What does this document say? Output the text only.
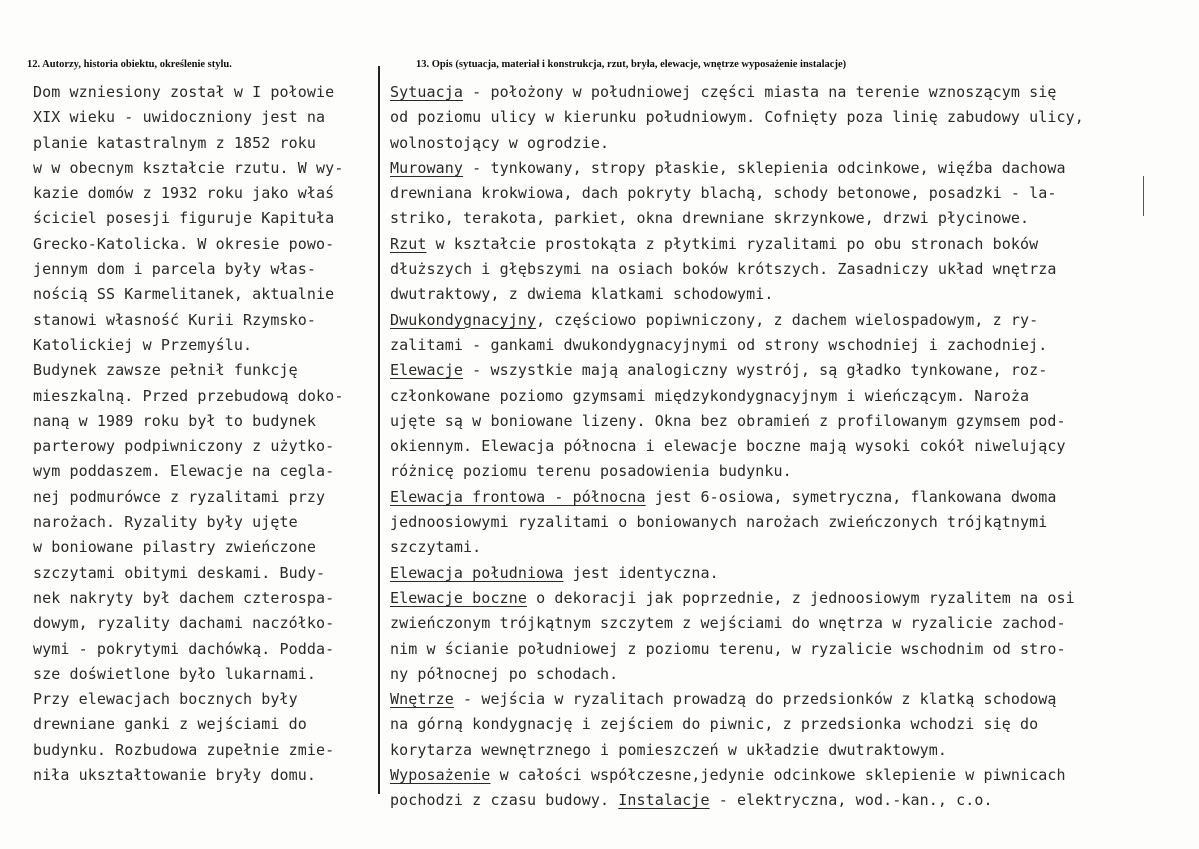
12. Autorzy, historia obiektu, określenie stylu.	13. Opis (sytuacja, materiał i konstrukcja, rzut, bryła, elewacje, wnętrze wyposażenie instalacje)
Dom wzniesiony został w I połowie
XIX wieku - uwidoczniony jest na
planie katastralnym z 1852 roku
w w obecnym kształcie rzutu. W wy-
kazie domów z 1932 roku jako właś
ściciel posesji figuruje Kapituła
Grecko-Katolicka. W okresie powo-
jennym dom i parcela były włas-
nością SS Karmelitanek, aktualnie
stanowi własność Kurii Rzymsko-
Katolickiej w Przemyślu.
Budynek zawsze pełnił funkcję
mieszkalną. Przed przebudową doko-
naną w 1989 roku był to budynek
parterowy podpiwniczony z użytko-
wym poddaszem. Elewacje na cegla-
nej podmurówce z ryzalitami przy
narożach. Ryzality były ujęte
w boniowane pilastry zwieńczone
szczytami obitymi deskami. Budy-
nek nakryty był dachem czterospa-
dowym, ryzality dachami naczółko-
wymi - pokrytymi dachówką. Podda-
sze doświetlone było lukarnami.
Przy elewacjach bocznych były
drewniane ganki z wejściami do
budynku. Rozbudowa zupełnie zmie-
niła ukształtowanie bryły domu.
Sytuacja - położony w południowej części miasta na terenie wznoszącym się
od poziomu ulicy w kierunku południowym. Cofnięty poza linię zabudowy ulicy,
wolnostojący w ogrodzie.
Murowany - tynkowany, stropy płaskie, sklepienia odcinkowe, więźba dachowa
drewniana krokwiowa, dach pokryty blachą, schody betonowe, posadzki - la-
striko, terakota, parkiet, okna drewniane skrzynkowe, drzwi płycinowe.
Rzut w kształcie prostokąta z płytkimi ryzalitami po obu stronach boków
dłuższych i głębszymi na osiach boków krótszych. Zasadniczy układ wnętrza
dwutraktowy, z dwiema klatkami schodowymi.
Dwukondygnacyjny, częściowo popiwniczony, z dachem wielospadowym, z ry-
zalitami - gankami dwukondygnacyjnymi od strony wschodniej i zachodniej.
Elewacje - wszystkie mają analogiczny wystrój, są gładko tynkowane, roz-
członkowane poziomo gzymsami międzykondygnacyjnym i wieńczącym. Naroża
ujęte są w boniowane lizeny. Okna bez obramień z profilowanym gzymsem pod-
okiennym. Elewacja północna i elewacje boczne mają wysoki cokół niwelujący
różnicę poziomu terenu posadowienia budynku.
Elewacja frontowa - północna jest 6-osiowa, symetryczna, flankowana dwoma
jednoosiowymi ryzalitami o boniowanych narożach zwieńczonych trójkątnymi
szczytami.
Elewacja południowa jest identyczna.
Elewacje boczne o dekoracji jak poprzednie, z jednoosiowym ryzalitem na osi
zwieńczonym trójkątnym szczytem z wejściami do wnętrza w ryzalicie zachod-
nim w ścianie południowej z poziomu terenu, w ryzalicie wschodnim od stro-
ny północnej po schodach.
Wnętrze - wejścia w ryzalitach prowadzą do przedsionków z klatką schodową
na górną kondygnację i zejściem do piwnic, z przedsionka wchodzi się do
korytarza wewnętrznego i pomieszczeń w układzie dwutraktowym.
Wyposażenie w całości współczesne,jedynie odcinkowe sklepienie w piwnicach
pochodzi z czasu budowy. Instalacje - elektryczna, wod.-kan., c.o.
